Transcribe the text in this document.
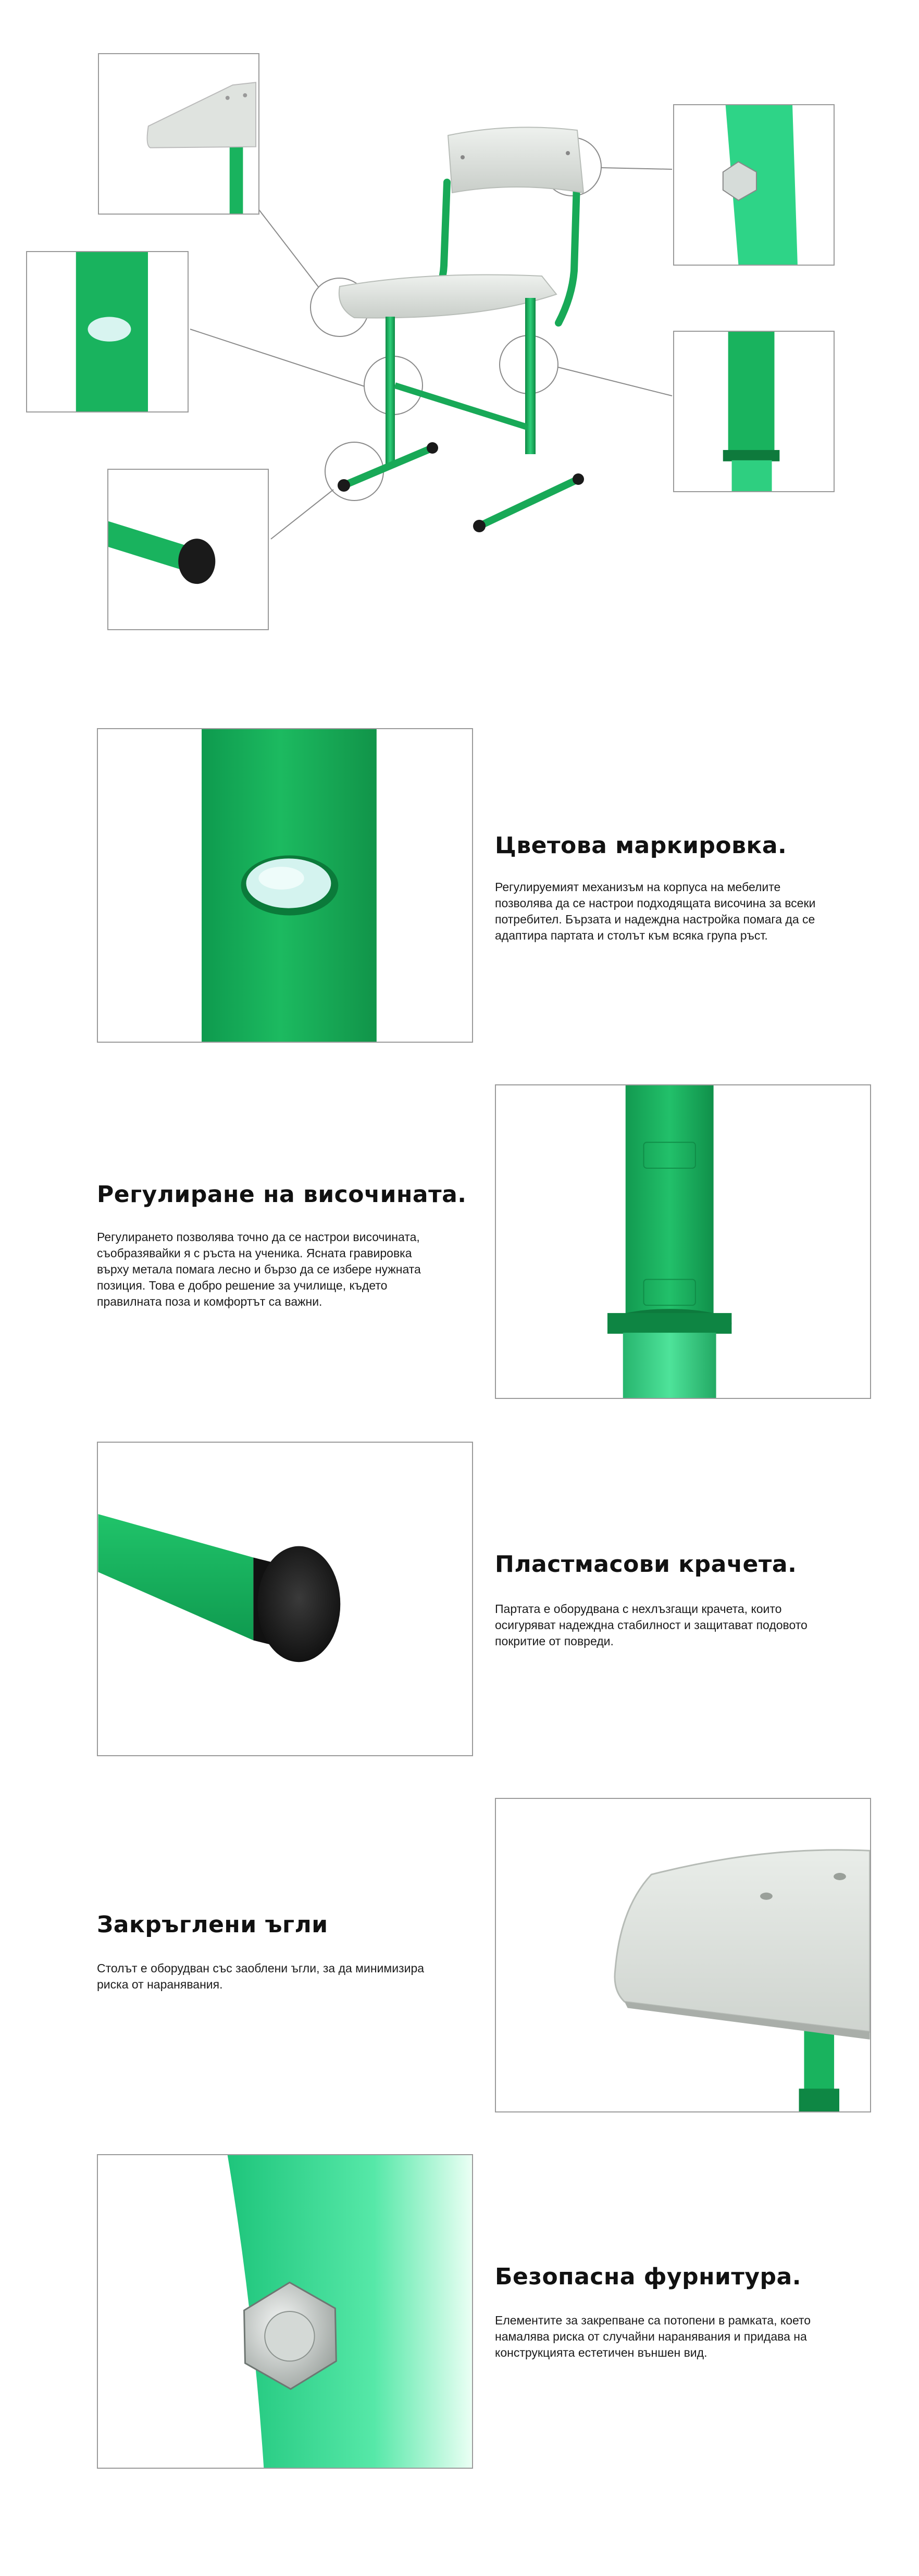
Цветова маркировка.
Регулируемият механизъм на корпуса на мебелите
позволява да се настрои подходящата височина за всеки
потребител. Бързата и надеждна настройка помага да се
адаптира партата и столът към всяка група ръст.
Регулиране на височината.
Регулирането позволява точно да се настрои височината,
съобразявайки я с ръста на ученика. Ясната гравировка
върху метала помага лесно и бързо да се избере нужната
позиция. Това е добро решение за училище, където
правилната поза и комфортът са важни.
Пластмасови крачета.
Партата е оборудвана с нехлъзгащи крачета, които
осигуряват надеждна стабилност и защитават подовото
покритие от повреди.
Закръглени ъгли
Столът е оборудван със заоблени ъгли, за да минимизира
риска от наранявания.
Безопасна фурнитура.
Елементите за закрепване са потопени в рамката, което
намалява риска от случайни наранявания и придава на
конструкцията естетичен външен вид.
